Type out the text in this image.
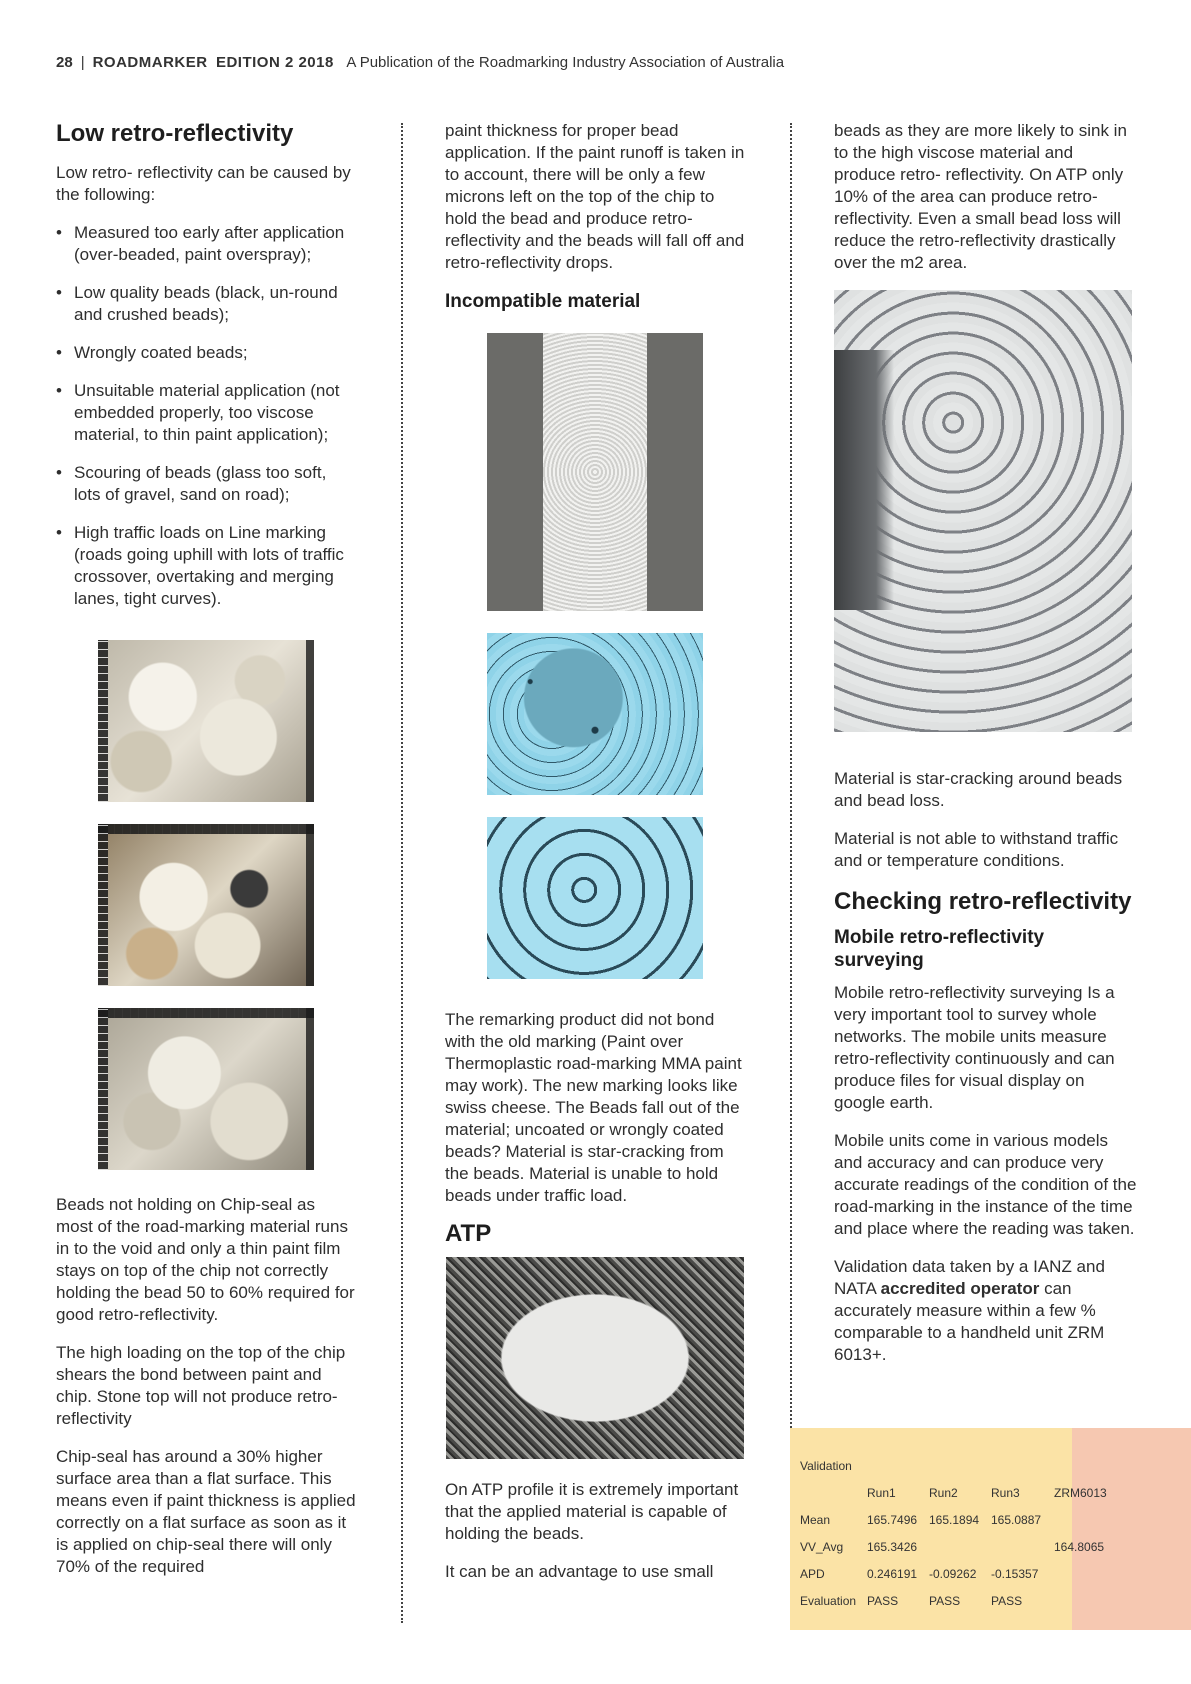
28 | ROADMARKER EDITION 2 2018 A Publication of the Roadmarking Industry Association of Australia
Low retro-reflectivity

Low retro- reflectivity can be caused by the following:

• Measured too early after application (over-beaded, paint overspray);
• Low quality beads (black, un-round and crushed beads);
• Wrongly coated beads;
• Unsuitable material application (not embedded properly, too viscose material, to thin paint application);
• Scouring of beads (glass too soft, lots of gravel, sand on road);
• High traffic loads on Line marking (roads going uphill with lots of traffic crossover, overtaking and merging lanes, tight curves).

Beads not holding on Chip-seal as most of the road-marking material runs in to the void and only a thin paint film stays on top of the chip not correctly holding the bead 50 to 60% required for good retro-reflectivity.

The high loading on the top of the chip shears the bond between paint and chip. Stone top will not produce retro-reflectivity

Chip-seal has around a 30% higher surface area than a flat surface. This means even if paint thickness is applied correctly on a flat surface as soon as it is applied on chip-seal there will only 70% of the required

paint thickness for proper bead application. If the paint runoff is taken in to account, there will be only a few microns left on the top of the chip to hold the bead and produce retro-reflectivity and the beads will fall off and retro-reflectivity drops.

Incompatible material

The remarking product did not bond with the old marking (Paint over Thermoplastic road-marking MMA paint may work). The new marking looks like swiss cheese. The Beads fall out of the material; uncoated or wrongly coated beads? Material is star-cracking from the beads. Material is unable to hold beads under traffic load.

ATP

On ATP profile it is extremely important that the applied material is capable of holding the beads.

It can be an advantage to use small

beads as they are more likely to sink in to the high viscose material and produce retro- reflectivity. On ATP only 10% of the area can produce retro-reflectivity. Even a small bead loss will reduce the retro-reflectivity drastically over the m2 area.

Material is star-cracking around beads and bead loss.

Material is not able to withstand traffic and or temperature conditions.

Checking retro-reflectivity
Mobile retro-reflectivity surveying

Mobile retro-reflectivity surveying Is a very important tool to survey whole networks. The mobile units measure retro-reflectivity continuously and can produce files for visual display on google earth.

Mobile units come in various models and accuracy and can produce very accurate readings of the condition of the road-marking in the instance of the time and place where the reading was taken.

Validation data taken by a IANZ and NATA accredited operator can accurately measure within a few % comparable to a handheld unit ZRM 6013+.

Validation				
	Run1	Run2	Run3	ZRM6013
Mean	165.7496	165.1894	165.0887	
VV_Avg	165.3426			164.8065
APD	0.246191	-0.09262	-0.15357	
Evaluation	PASS	PASS	PASS	
